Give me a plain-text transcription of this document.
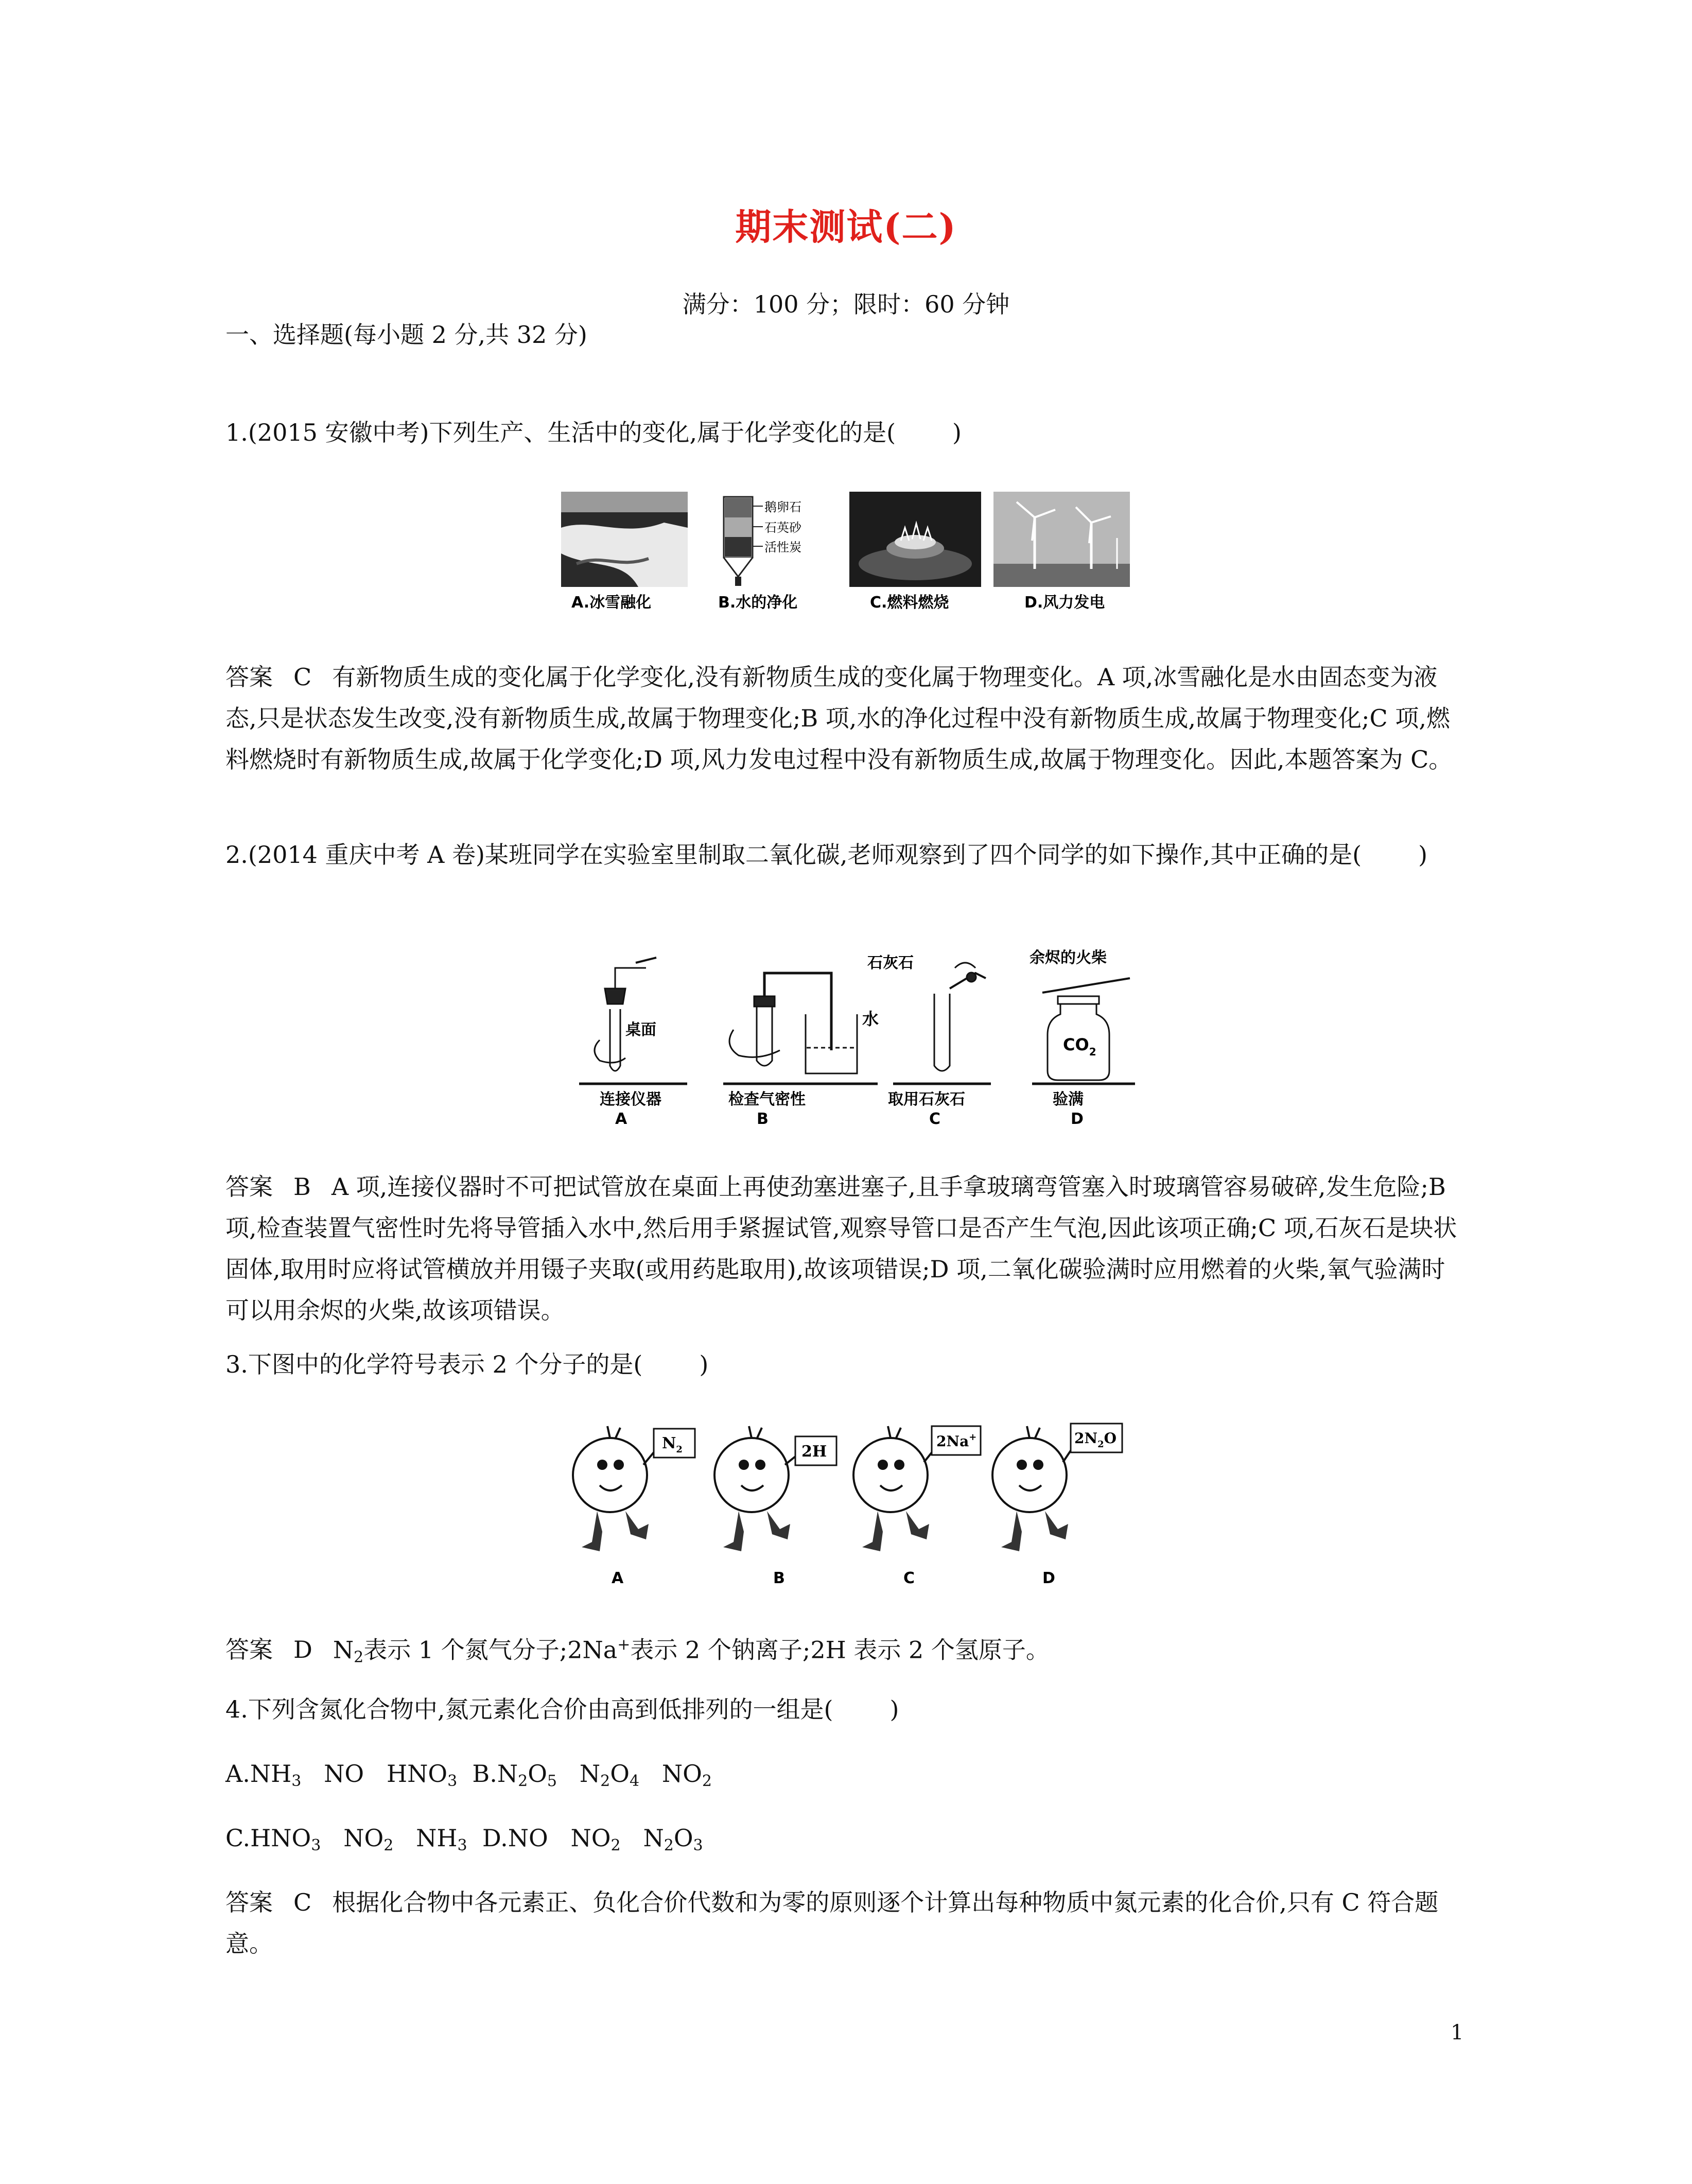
期末测试(二)
满分：100 分；限时：60 分钟

一、选择题(每小题 2 分,共 32 分)

1.(2015 安徽中考)下列生产、生活中的变化,属于化学变化的是( )

鹅卵石
石英砂
活性炭
A.冰雪融化	B.水的净化	C.燃料燃烧	D.风力发电

答案 C 有新物质生成的变化属于化学变化,没有新物质生成的变化属于物理变化。A 项,冰雪融化是水由固态变为液态,只是状态发生改变,没有新物质生成,故属于物理变化;B 项,水的净化过程中没有新物质生成,故属于物理变化;C 项,燃料燃烧时有新物质生成,故属于化学变化;D 项,风力发电过程中没有新物质生成,故属于物理变化。因此,本题答案为 C。

2.(2014 重庆中考 A 卷)某班同学在实验室里制取二氧化碳,老师观察到了四个同学的如下操作,其中正确的是( )

桌面
水
石灰石	余烬的火柴
$CO_2$
连接仪器	检查气密性	取用石灰石	验满
A	B	C	D

答案 B A 项,连接仪器时不可把试管放在桌面上再使劲塞进塞子,且手拿玻璃弯管塞入时玻璃管容易破碎,发生危险;B 项,检查装置气密性时先将导管插入水中,然后用手紧握试管,观察导管口是否产生气泡,因此该项正确;C 项,石灰石是块状固体,取用时应将试管横放并用镊子夹取(或用药匙取用),故该项错误;D 项,二氧化碳验满时应用燃着的火柴,氧气验满时可以用余烬的火柴,故该项错误。

3.下图中的化学符号表示 2 个分子的是( )

$N_2$	2H
2Na+	$2N_2O$
A	B	C	D

答案 D $N_2$表示 1 个氮气分子;2Na+表示 2 个钠离子;2H 表示 2 个氢原子。

4.下列含氮化合物中,氮元素化合价由高到低排列的一组是( )

$A.NH_3$   NO   $HNO_3$  $B.N_2O_5$   $N_2O_4$   $NO_2$

$C.HNO_3$   $NO_2$   $NH_3$  D.NO   $NO_2$   $N_2O_3$

答案 C 根据化合物中各元素正、负化合价代数和为零的原则逐个计算出每种物质中氮元素的化合价,只有 C 符合题意。

1
